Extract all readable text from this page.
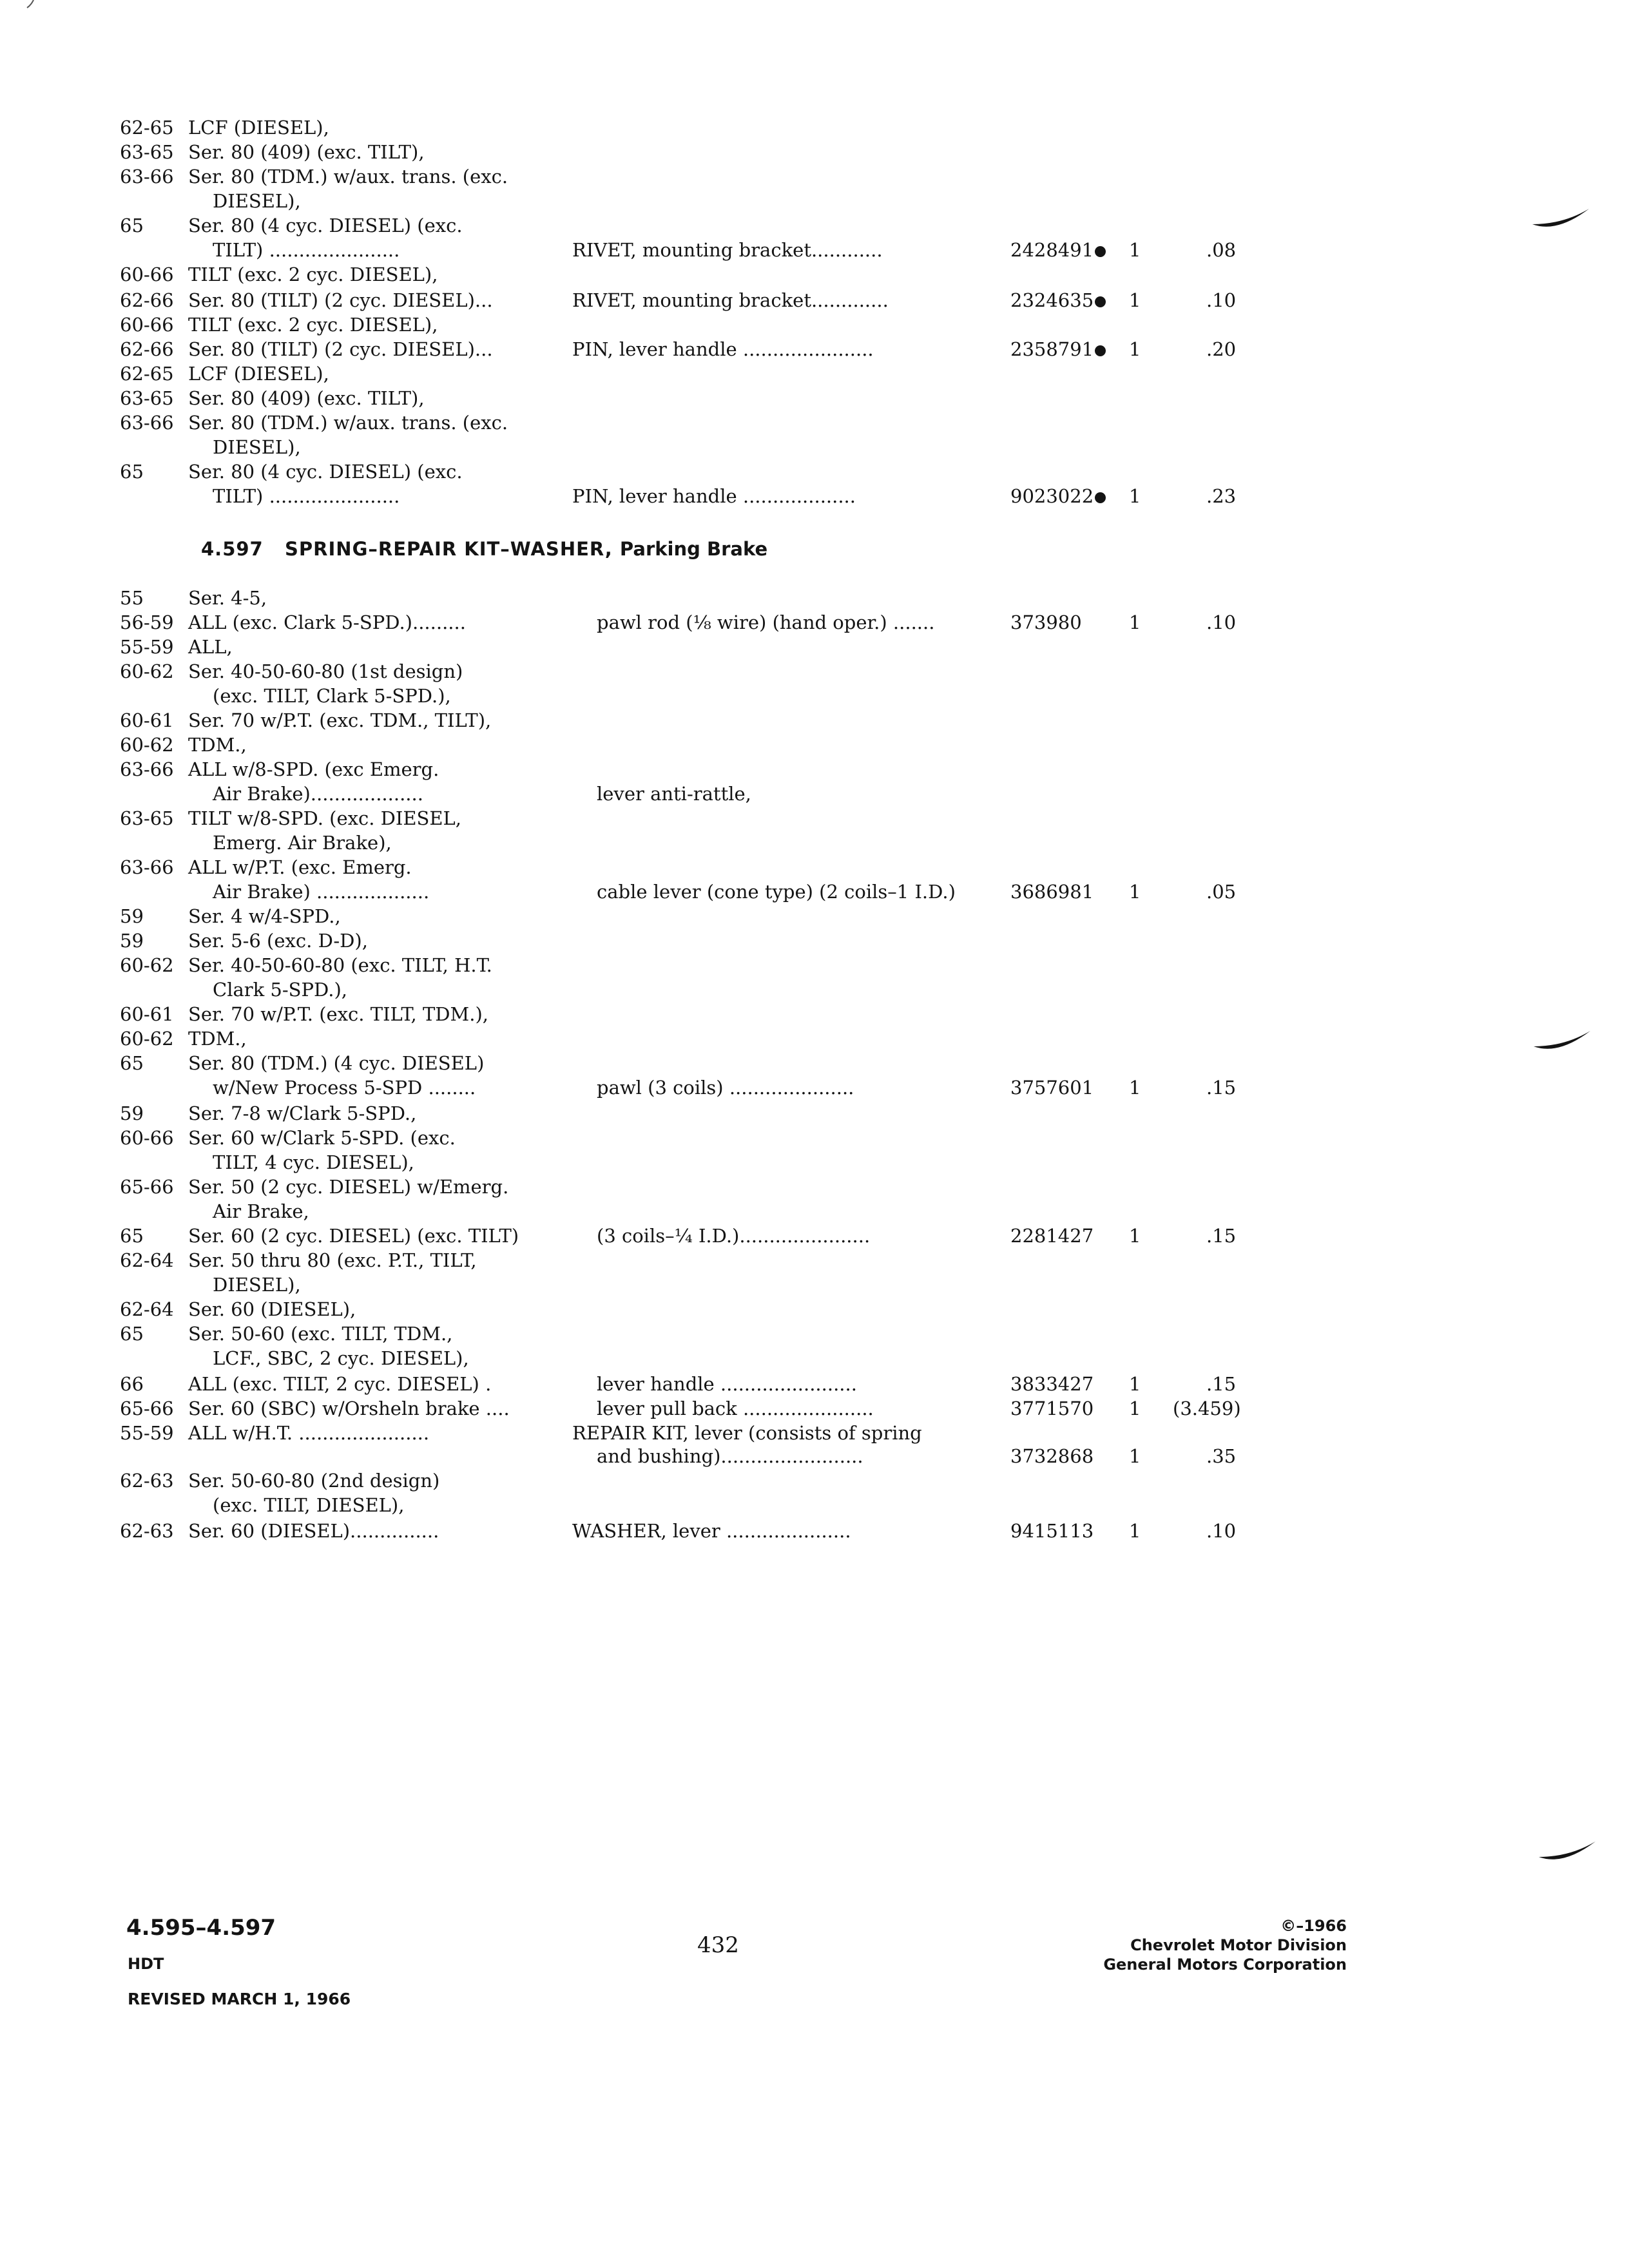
62-65 LCF (DIESEL),
63-65 Ser. 80 (409) (exc. TILT),
63-66 Ser. 80 (TDM.) w/aux. trans. (exc.
DIESEL),
65 Ser. 80 (4 cyc. DIESEL) (exc.
TILT) ......................	RIVET, mounting bracket............	2428491	1	.08
60-66 TILT (exc. 2 cyc. DIESEL),
62-66 Ser. 80 (TILT) (2 cyc. DIESEL)...	RIVET, mounting bracket.............	2324635	1	.10
60-66 TILT (exc. 2 cyc. DIESEL),
62-66 Ser. 80 (TILT) (2 cyc. DIESEL)...	PIN, lever handle ......................	2358791	1	.20
62-65 LCF (DIESEL),
63-65 Ser. 80 (409) (exc. TILT),
63-66 Ser. 80 (TDM.) w/aux. trans. (exc.
DIESEL),
65 Ser. 80 (4 cyc. DIESEL) (exc.
TILT) ......................	PIN, lever handle ...................	9023022	1	.23
4.597 SPRING–REPAIR KIT–WASHER, Parking Brake
55 Ser. 4-5,
56-59 ALL (exc. Clark 5-SPD.).........	pawl rod (⅛ wire) (hand oper.) .......	373980	1	.10
55-59 ALL,
60-62 Ser. 40-50-60-80 (1st design)
(exc. TILT, Clark 5-SPD.),
60-61 Ser. 70 w/P.T. (exc. TDM., TILT),
60-62 TDM.,
63-66 ALL w/8-SPD. (exc Emerg.
Air Brake)...................	lever anti-rattle,
63-65 TILT w/8-SPD. (exc. DIESEL,
Emerg. Air Brake),
63-66 ALL w/P.T. (exc. Emerg.
Air Brake) ...................	cable lever (cone type) (2 coils–1 I.D.)	3686981 1	.05
59 Ser. 4 w/4-SPD.,
59 Ser. 5-6 (exc. D-D),
60-62 Ser. 40-50-60-80 (exc. TILT, H.T.
Clark 5-SPD.),
60-61 Ser. 70 w/P.T. (exc. TILT, TDM.),
60-62 TDM.,
65 Ser. 80 (TDM.) (4 cyc. DIESEL)
w/New Process 5-SPD ........	pawl (3 coils) .....................	3757601 1	.15
59 Ser. 7-8 w/Clark 5-SPD.,
60-66 Ser. 60 w/Clark 5-SPD. (exc.
TILT, 4 cyc. DIESEL),
65-66 Ser. 50 (2 cyc. DIESEL) w/Emerg.
Air Brake,
65 Ser. 60 (2 cyc. DIESEL) (exc. TILT)	(3 coils–¼ I.D.)......................	2281427 1	.15
62-64 Ser. 50 thru 80 (exc. P.T., TILT,
DIESEL),
62-64 Ser. 60 (DIESEL),
65 Ser. 50-60 (exc. TILT, TDM.,
LCF., SBC, 2 cyc. DIESEL),
66 ALL (exc. TILT, 2 cyc. DIESEL) .	lever handle .......................	3833427 1	.15
65-66 Ser. 60 (SBC) w/Orsheln brake ....	lever pull back ......................	3771570 1 (3.459)
55-59 ALL w/H.T. ......................	REPAIR KIT, lever (consists of spring
and bushing)........................	3732868 1	.35
62-63 Ser. 50-60-80 (2nd design)
(exc. TILT, DIESEL),
62-63 Ser. 60 (DIESEL)...............	WASHER, lever .....................	9415113 1	.10
4.595–4.597
HDT
REVISED MARCH 1, 1966
432
©–1966
Chevrolet Motor Division
General Motors Corporation
